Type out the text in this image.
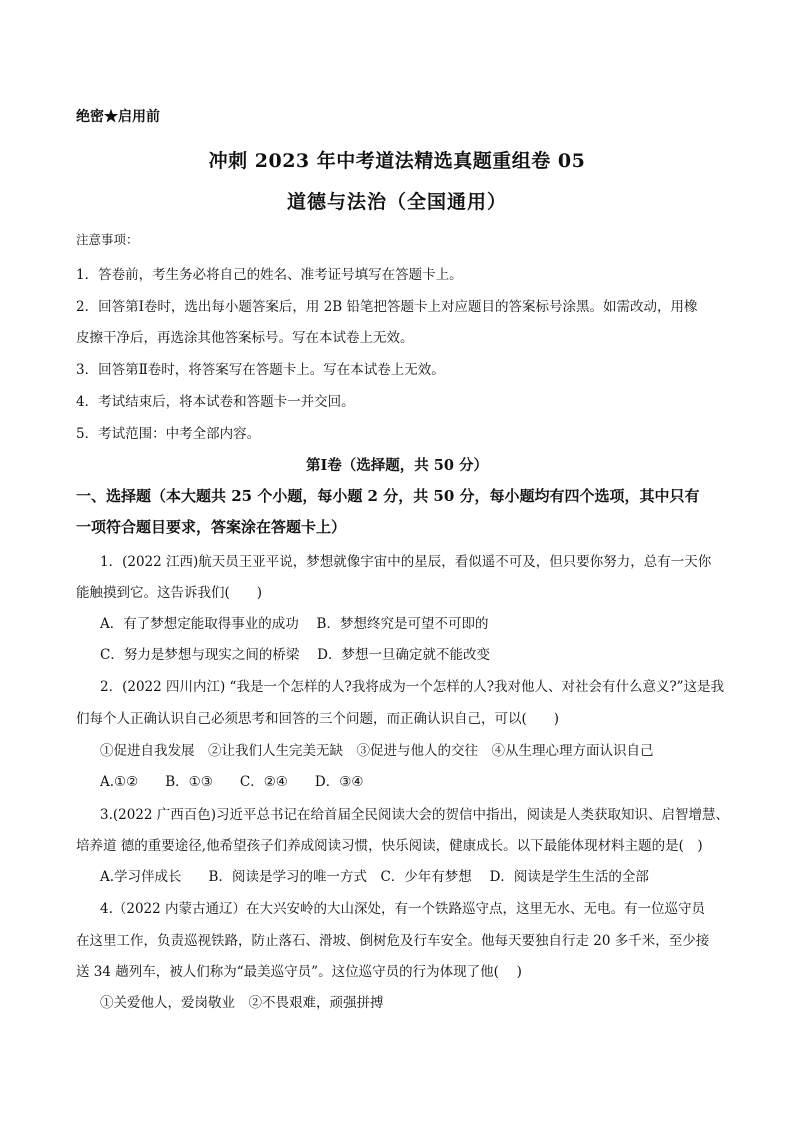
绝密★启用前
冲刺 2023 年中考道法精选真题重组卷 05
道德与法治（全国通用）
注意事项：
1．答卷前，考生务必将自己的姓名、准考证号填写在答题卡上。
2．回答第Ⅰ卷时，选出每小题答案后，用 2B 铅笔把答题卡上对应题目的答案标号涂黑。如需改动，用橡
皮擦干净后，再选涂其他答案标号。写在本试卷上无效。
3．回答第Ⅱ卷时，将答案写在答题卡上。写在本试卷上无效。
4．考试结束后，将本试卷和答题卡一并交回。
5．考试范围：中考全部内容。
第Ⅰ卷（选择题，共 50 分）
一、选择题（本大题共 25 个小题，每小题 2 分，共 50 分，每小题均有四个选项，其中只有
一项符合题目要求，答案涂在答题卡上）
1．(2022 江西)航天员王亚平说，梦想就像宇宙中的星辰，看似遥不可及，但只要你努力，总有一天你
能触摸到它。这告诉我们(　　)
A．有了梦想定能取得事业的成功　 B．梦想终究是可望不可即的
C．努力是梦想与现实之间的桥梁　 D．梦想一旦确定就不能改变
2．(2022 四川内江) “我是一个怎样的人?我将成为一个怎样的人?我对他人、对社会有什么意义?”这是我
们每个人正确认识自己必须思考和回答的三个问题，而正确认识自己，可以(　　)
①促进自我发展　②让我们人生完美无缺　③促进与他人的交往　④从生理心理方面认识自己
A.①②　　B．①③　　C．②④　　D．③④
3.(2022 广西百色)习近平总书记在给首届全民阅读大会的贺信中指出，阅读是人类获取知识、启智增慧、
培养道 德的重要途径,他希望孩子们养成阅读习惯，快乐阅读，健康成长。以下最能体现材料主题的是(　)
A.学习伴成长　　B．阅读是学习的唯一方式　C．少年有梦想　 D．阅读是学生生活的全部
4.（2022 内蒙古通辽）在大兴安岭的大山深处，有一个铁路巡守点，这里无水、无电。有一位巡守员
在这里工作，负责巡视铁路，防止落石、滑坡、倒树危及行车安全。他每天要独自行走 20 多千米，至少接
送 34 趟列车，被人们称为“最美巡守员”。这位巡守员的行为体现了他(　 )
①关爱他人，爱岗敬业　②不畏艰难，顽强拼搏
